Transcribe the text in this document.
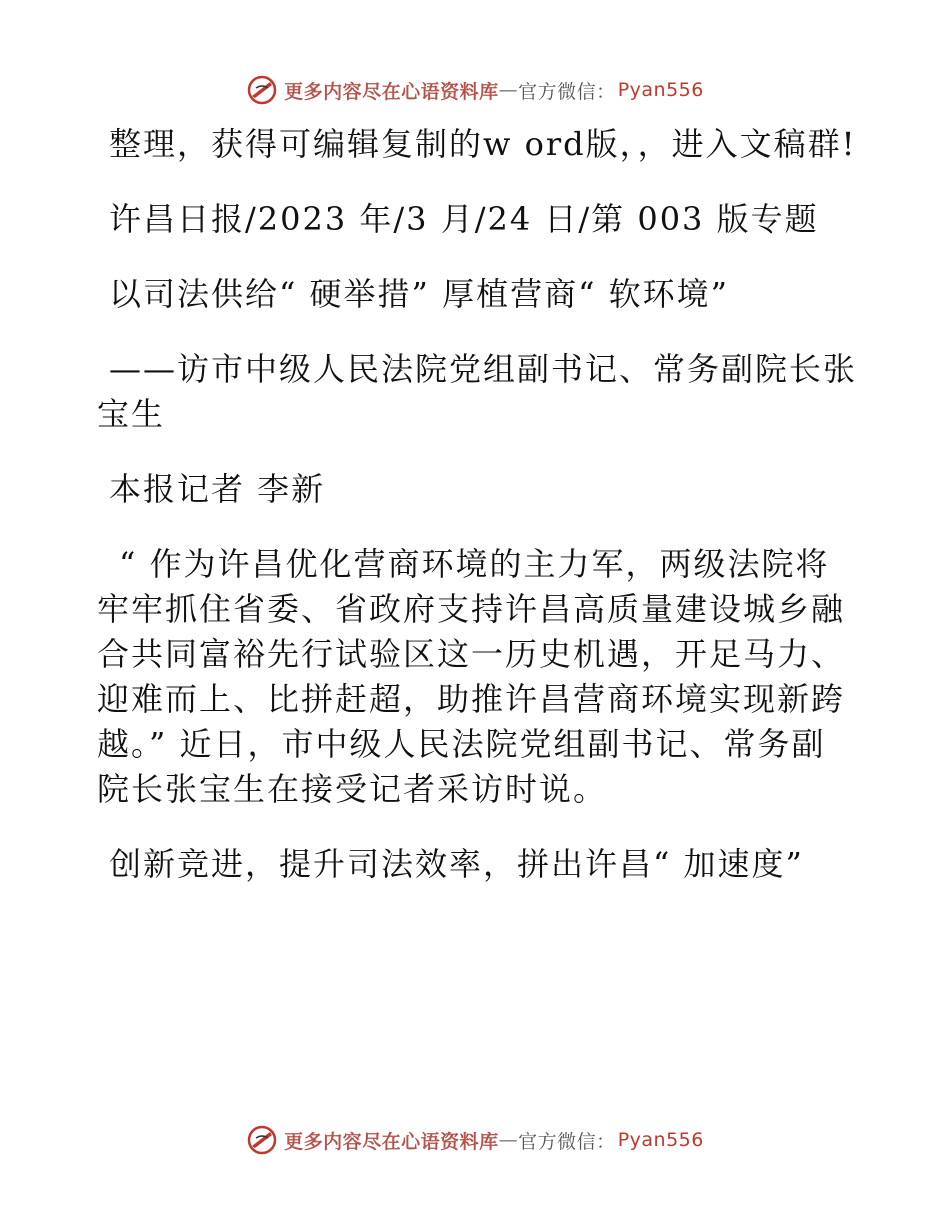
更多内容尽在心语资料库 — 官方微信： Pyan556

整理，获得可编辑复制的w ord版，，进入文稿群!

许昌日报/2023 年/3 月/24 日/第 003 版专题

以司法供给“ 硬举措” 厚植营商“ 软环境”

——访市中级人民法院党组副书记、常务副院长张宝生

本报记者 李新

“ 作为许昌优化营商环境的主力军，两级法院将牢牢抓住省委、省政府支持许昌高质量建设城乡融合共同富裕先行试验区这一历史机遇，开足马力、迎难而上、比拼赶超，助推许昌营商环境实现新跨越。” 近日，市中级人民法院党组副书记、常务副院长张宝生在接受记者采访时说。

创新竞进，提升司法效率，拼出许昌“ 加速度”

更多内容尽在心语资料库 — 官方微信： Pyan556
